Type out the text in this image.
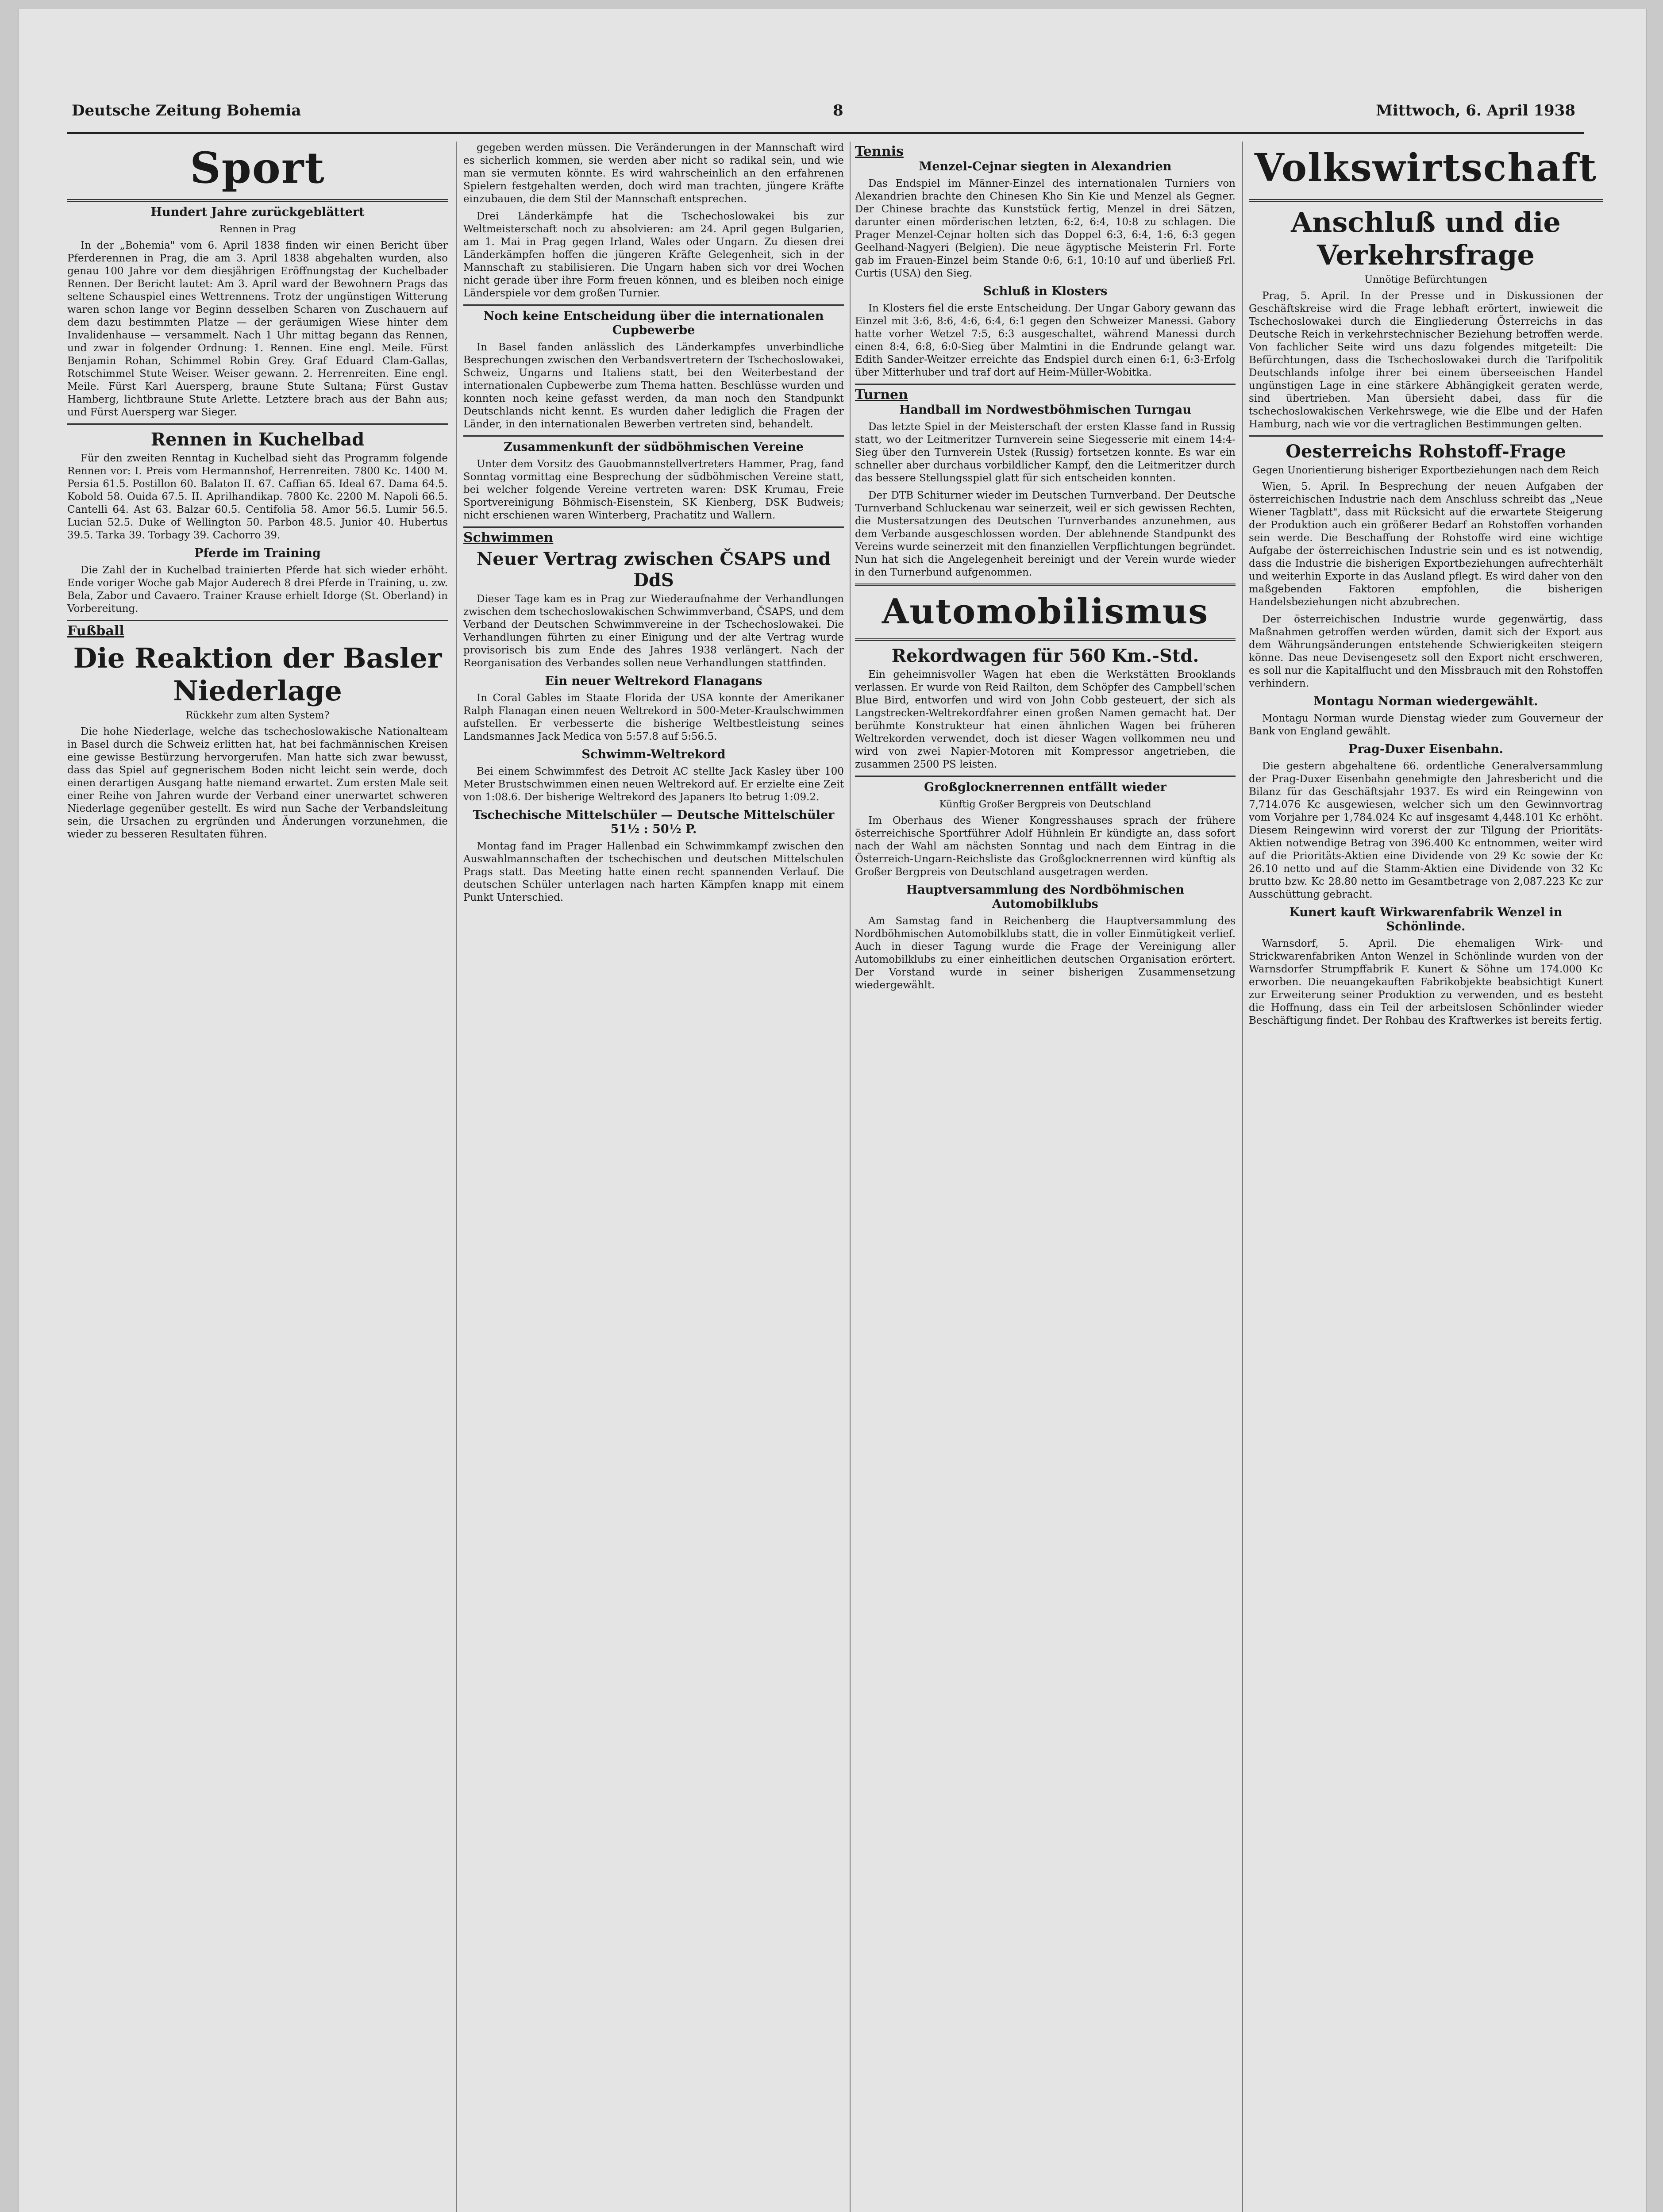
Deutsche Zeitung Bohemia	8	Mittwoch, 6. April 1938
Sport
Hundert Jahre zurückgeblättert
Rennen in Prag

In der „Bohemia" vom 6. April 1838 finden wir einen Bericht über Pferderennen in Prag, die am 3. April 1838 abgehalten wurden, also genau 100 Jahre vor dem diesjährigen Eröffnungstag der Kuchelbader Rennen. Der Bericht lautet: Am 3. April ward der Bewohnern Prags das seltene Schauspiel eines Wettrennens. Trotz der ungünstigen Witterung waren schon lange vor Beginn desselben Scharen von Zuschauern auf dem dazu bestimmten Platze — der geräumigen Wiese hinter dem Invalidenhause — versammelt. Nach 1 Uhr mittag begann das Rennen, und zwar in folgender Ordnung: 1. Rennen. Eine engl. Meile. Fürst Benjamin Rohan, Schimmel Robin Grey. Graf Eduard Clam-Gallas, Rotschimmel Stute Weiser. Weiser gewann. 2. Herrenreiten. Eine engl. Meile. Fürst Karl Auersperg, braune Stute Sultana; Fürst Gustav Hamberg, lichtbraune Stute Arlette. Letztere brach aus der Bahn aus; und Fürst Auersperg war Sieger.

Rennen in Kuchelbad

Für den zweiten Renntag in Kuchelbad sieht das Programm folgende Rennen vor: I. Preis vom Hermannshof, Herrenreiten. 7800 Kc. 1400 M. Persia 61.5. Postillon 60. Balaton II. 67. Caffian 65. Ideal 67. Dama 64.5. Kobold 58. Ouida 67.5. II. Aprilhandikap. 7800 Kc. 2200 M. Napoli 66.5. Cantelli 64. Ast 63. Balzar 60.5. Centifolia 58. Amor 56.5. Lumir 56.5. Lucian 52.5. Duke of Wellington 50. Parbon 48.5. Junior 40. Hubertus 39.5. Tarka 39. Torbagy 39. Cachorro 39.

Pferde im Training

Die Zahl der in Kuchelbad trainierten Pferde hat sich wieder erhöht. Ende voriger Woche gab Major Auderech 8 drei Pferde in Training, u. zw. Bela, Zabor und Cavaero. Trainer Krause erhielt Idorge (St. Oberland) in Vorbereitung.

Fußball
Die Reaktion der Basler Niederlage
Rückkehr zum alten System?

Die hohe Niederlage, welche das tschechoslowakische Nationalteam in Basel durch die Schweiz erlitten hat, hat bei fachmännischen Kreisen eine gewisse Bestürzung hervorgerufen. Man hatte sich zwar bewusst, dass das Spiel auf gegnerischem Boden nicht leicht sein werde, doch einen derartigen Ausgang hatte niemand erwartet. Zum ersten Male seit einer Reihe von Jahren wurde der Verband einer unerwartet schweren Niederlage gegenüber gestellt. Es wird nun Sache der Verbandsleitung sein, die Ursachen zu ergründen und Änderungen vorzunehmen, die wieder zu besseren Resultaten führen.

gegeben werden müssen. Die Veränderungen in der Mannschaft wird es sicherlich kommen, sie werden aber nicht so radikal sein, und wie man sie vermuten könnte. Es wird wahrscheinlich an den erfahrenen Spielern festgehalten werden, doch wird man trachten, jüngere Kräfte einzubauen, die dem Stil der Mannschaft entsprechen.

Drei Länderkämpfe hat die Tschechoslowakei bis zur Weltmeisterschaft noch zu absolvieren: am 24. April gegen Bulgarien, am 1. Mai in Prag gegen Irland, Wales oder Ungarn. Zu diesen drei Länderkämpfen hoffen die jüngeren Kräfte Gelegenheit, sich in der Mannschaft zu stabilisieren. Die Ungarn haben sich vor drei Wochen nicht gerade über ihre Form freuen können, und es bleiben noch einige Länderspiele vor dem großen Turnier.

Noch keine Entscheidung über die internationalen Cupbewerbe

In Basel fanden anlässlich des Länderkampfes unverbindliche Besprechungen zwischen den Verbandsvertretern der Tschechoslowakei, Schweiz, Ungarns und Italiens statt, bei den Weiterbestand der internationalen Cupbewerbe zum Thema hatten. Beschlüsse wurden und konnten noch keine gefasst werden, da man noch den Standpunkt Deutschlands nicht kennt. Es wurden daher lediglich die Fragen der Länder, in den internationalen Bewerben vertreten sind, behandelt.

Zusammenkunft der südböhmischen Vereine

Unter dem Vorsitz des Gauobmannstellvertreters Hammer, Prag, fand Sonntag vormittag eine Besprechung der südböhmischen Vereine statt, bei welcher folgende Vereine vertreten waren: DSK Krumau, Freie Sportvereinigung Böhmisch-Eisenstein, SK Kienberg, DSK Budweis; nicht erschienen waren Winterberg, Prachatitz und Wallern.

Schwimmen
Neuer Vertrag zwischen ČSAPS und DdS

Dieser Tage kam es in Prag zur Wiederaufnahme der Verhandlungen zwischen dem tschechoslowakischen Schwimmverband, ČSAPS, und dem Verband der Deutschen Schwimmvereine in der Tschechoslowakei. Die Verhandlungen führten zu einer Einigung und der alte Vertrag wurde provisorisch bis zum Ende des Jahres 1938 verlängert. Nach der Reorganisation des Verbandes sollen neue Verhandlungen stattfinden.

Ein neuer Weltrekord Flanagans

In Coral Gables im Staate Florida der USA konnte der Amerikaner Ralph Flanagan einen neuen Weltrekord in 500-Meter-Kraulschwimmen aufstellen. Er verbesserte die bisherige Weltbestleistung seines Landsmannes Jack Medica von 5:57.8 auf 5:56.5.

Schwimm-Weltrekord

Bei einem Schwimmfest des Detroit AC stellte Jack Kasley über 100 Meter Brustschwimmen einen neuen Weltrekord auf. Er erzielte eine Zeit von 1:08.6. Der bisherige Weltrekord des Japaners Ito betrug 1:09.2.

Tschechische Mittelschüler — Deutsche Mittelschüler 51½ : 50½ P.

Montag fand im Prager Hallenbad ein Schwimmkampf zwischen den Auswahlmannschaften der tschechischen und deutschen Mittelschulen Prags statt. Das Meeting hatte einen recht spannenden Verlauf. Die deutschen Schüler unterlagen nach harten Kämpfen knapp mit einem Punkt Unterschied.

Tennis
Menzel-Cejnar siegten in Alexandrien

Das Endspiel im Männer-Einzel des internationalen Turniers von Alexandrien brachte den Chinesen Kho Sin Kie und Menzel als Gegner. Der Chinese brachte das Kunststück fertig, Menzel in drei Sätzen, darunter einen mörderischen letzten, 6:2, 6:4, 10:8 zu schlagen. Die Prager Menzel-Cejnar holten sich das Doppel 6:3, 6:4, 1:6, 6:3 gegen Geelhand-Nagyeri (Belgien). Die neue ägyptische Meisterin Frl. Forte gab im Frauen-Einzel beim Stande 0:6, 6:1, 10:10 auf und überließ Frl. Curtis (USA) den Sieg.

Schluß in Klosters

In Klosters fiel die erste Entscheidung. Der Ungar Gabory gewann das Einzel mit 3:6, 8:6, 4:6, 6:4, 6:1 gegen den Schweizer Manessi. Gabory hatte vorher Wetzel 7:5, 6:3 ausgeschaltet, während Manessi durch einen 8:4, 6:8, 6:0-Sieg über Malmtini in die Endrunde gelangt war. Edith Sander-Weitzer erreichte das Endspiel durch einen 6:1, 6:3-Erfolg über Mitterhuber und traf dort auf Heim-Müller-Wobitka.

Turnen
Handball im Nordwestböhmischen Turngau

Das letzte Spiel in der Meisterschaft der ersten Klasse fand in Russig statt, wo der Leitmeritzer Turnverein seine Siegesserie mit einem 14:4-Sieg über den Turnverein Ustek (Russig) fortsetzen konnte. Es war ein schneller aber durchaus vorbildlicher Kampf, den die Leitmeritzer durch das bessere Stellungsspiel glatt für sich entscheiden konnten.

Der DTB Schiturner wieder im Deutschen Turnverband. Der Deutsche Turnverband Schluckenau war seinerzeit, weil er sich gewissen Rechten, die Mustersatzungen des Deutschen Turnverbandes anzunehmen, aus dem Verbande ausgeschlossen worden. Der ablehnende Standpunkt des Vereins wurde seinerzeit mit den finanziellen Verpflichtungen begründet. Nun hat sich die Angelegenheit bereinigt und der Verein wurde wieder in den Turnerbund aufgenommen.

Automobilismus
Rekordwagen für 560 Km.-Std.

Ein geheimnisvoller Wagen hat eben die Werkstätten Brooklands verlassen. Er wurde von Reid Railton, dem Schöpfer des Campbell'schen Blue Bird, entworfen und wird von John Cobb gesteuert, der sich als Langstrecken-Weltrekordfahrer einen großen Namen gemacht hat. Der berühmte Konstrukteur hat einen ähnlichen Wagen bei früheren Weltrekorden verwendet, doch ist dieser Wagen vollkommen neu und wird von zwei Napier-Motoren mit Kompressor angetrieben, die zusammen 2500 PS leisten.

Großglocknerrennen entfällt wieder
Künftig Großer Bergpreis von Deutschland

Im Oberhaus des Wiener Kongresshauses sprach der frühere österreichische Sportführer Adolf Hühnlein Er kündigte an, dass sofort nach der Wahl am nächsten Sonntag und nach dem Eintrag in die Österreich-Ungarn-Reichsliste das Großglocknerrennen wird künftig als Großer Bergpreis von Deutschland ausgetragen werden.

Hauptversammlung des Nordböhmischen Automobilklubs

Am Samstag fand in Reichenberg die Hauptversammlung des Nordböhmischen Automobilklubs statt, die in voller Einmütigkeit verlief. Auch in dieser Tagung wurde die Frage der Vereinigung aller Automobilklubs zu einer einheitlichen deutschen Organisation erörtert. Der Vorstand wurde in seiner bisherigen Zusammensetzung wiedergewählt.

Volkswirtschaft
Anschluß und die Verkehrsfrage
Unnötige Befürchtungen

Prag, 5. April. In der Presse und in Diskussionen der Geschäftskreise wird die Frage lebhaft erörtert, inwieweit die Tschechoslowakei durch die Eingliederung Österreichs in das Deutsche Reich in verkehrstechnischer Beziehung betroffen werde. Von fachlicher Seite wird uns dazu folgendes mitgeteilt: Die Befürchtungen, dass die Tschechoslowakei durch die Tarifpolitik Deutschlands infolge ihrer bei einem überseeischen Handel ungünstigen Lage in eine stärkere Abhängigkeit geraten werde, sind übertrieben. Man übersieht dabei, dass für die tschechoslowakischen Verkehrswege, wie die Elbe und der Hafen Hamburg, nach wie vor die vertraglichen Bestimmungen gelten.

Oesterreichs Rohstoff-Frage
Gegen Unorientierung bisheriger Exportbeziehungen nach dem Reich

Wien, 5. April. In Besprechung der neuen Aufgaben der österreichischen Industrie nach dem Anschluss schreibt das „Neue Wiener Tagblatt", dass mit Rücksicht auf die erwartete Steigerung der Produktion auch ein größerer Bedarf an Rohstoffen vorhanden sein werde. Die Beschaffung der Rohstoffe wird eine wichtige Aufgabe der österreichischen Industrie sein und es ist notwendig, dass die Industrie die bisherigen Exportbeziehungen aufrechterhält und weiterhin Exporte in das Ausland pflegt. Es wird daher von den maßgebenden Faktoren empfohlen, die bisherigen Handelsbeziehungen nicht abzubrechen.

Der österreichischen Industrie wurde gegenwärtig, dass Maßnahmen getroffen werden würden, damit sich der Export aus dem Währungsänderungen entstehende Schwierigkeiten steigern könne. Das neue Devisengesetz soll den Export nicht erschweren, es soll nur die Kapitalflucht und den Missbrauch mit den Rohstoffen verhindern.

Montagu Norman wiedergewählt.

Montagu Norman wurde Dienstag wieder zum Gouverneur der Bank von England gewählt.

Prag-Duxer Eisenbahn.

Die gestern abgehaltene 66. ordentliche Generalversammlung der Prag-Duxer Eisenbahn genehmigte den Jahresbericht und die Bilanz für das Geschäftsjahr 1937. Es wird ein Reingewinn von 7,714.076 Kc ausgewiesen, welcher sich um den Gewinnvortrag vom Vorjahre per 1,784.024 Kc auf insgesamt 4,448.101 Kc erhöht. Diesem Reingewinn wird vorerst der zur Tilgung der Prioritäts-Aktien notwendige Betrag von 396.400 Kc entnommen, weiter wird auf die Prioritäts-Aktien eine Dividende von 29 Kc sowie der Kc 26.10 netto und auf die Stamm-Aktien eine Dividende von 32 Kc brutto bzw. Kc 28.80 netto im Gesamtbetrage von 2,087.223 Kc zur Ausschüttung gebracht.

Kunert kauft Wirkwarenfabrik Wenzel in Schönlinde.

Warnsdorf, 5. April. Die ehemaligen Wirk- und Strickwarenfabriken Anton Wenzel in Schönlinde wurden von der Warnsdorfer Strumpffabrik F. Kunert & Söhne um 174.000 Kc erworben. Die neuangekauften Fabrikobjekte beabsichtigt Kunert zur Erweiterung seiner Produktion zu verwenden, und es besteht die Hoffnung, dass ein Teil der arbeitslosen Schönlinder wieder Beschäftigung findet. Der Rohbau des Kraftwerkes ist bereits fertig.
